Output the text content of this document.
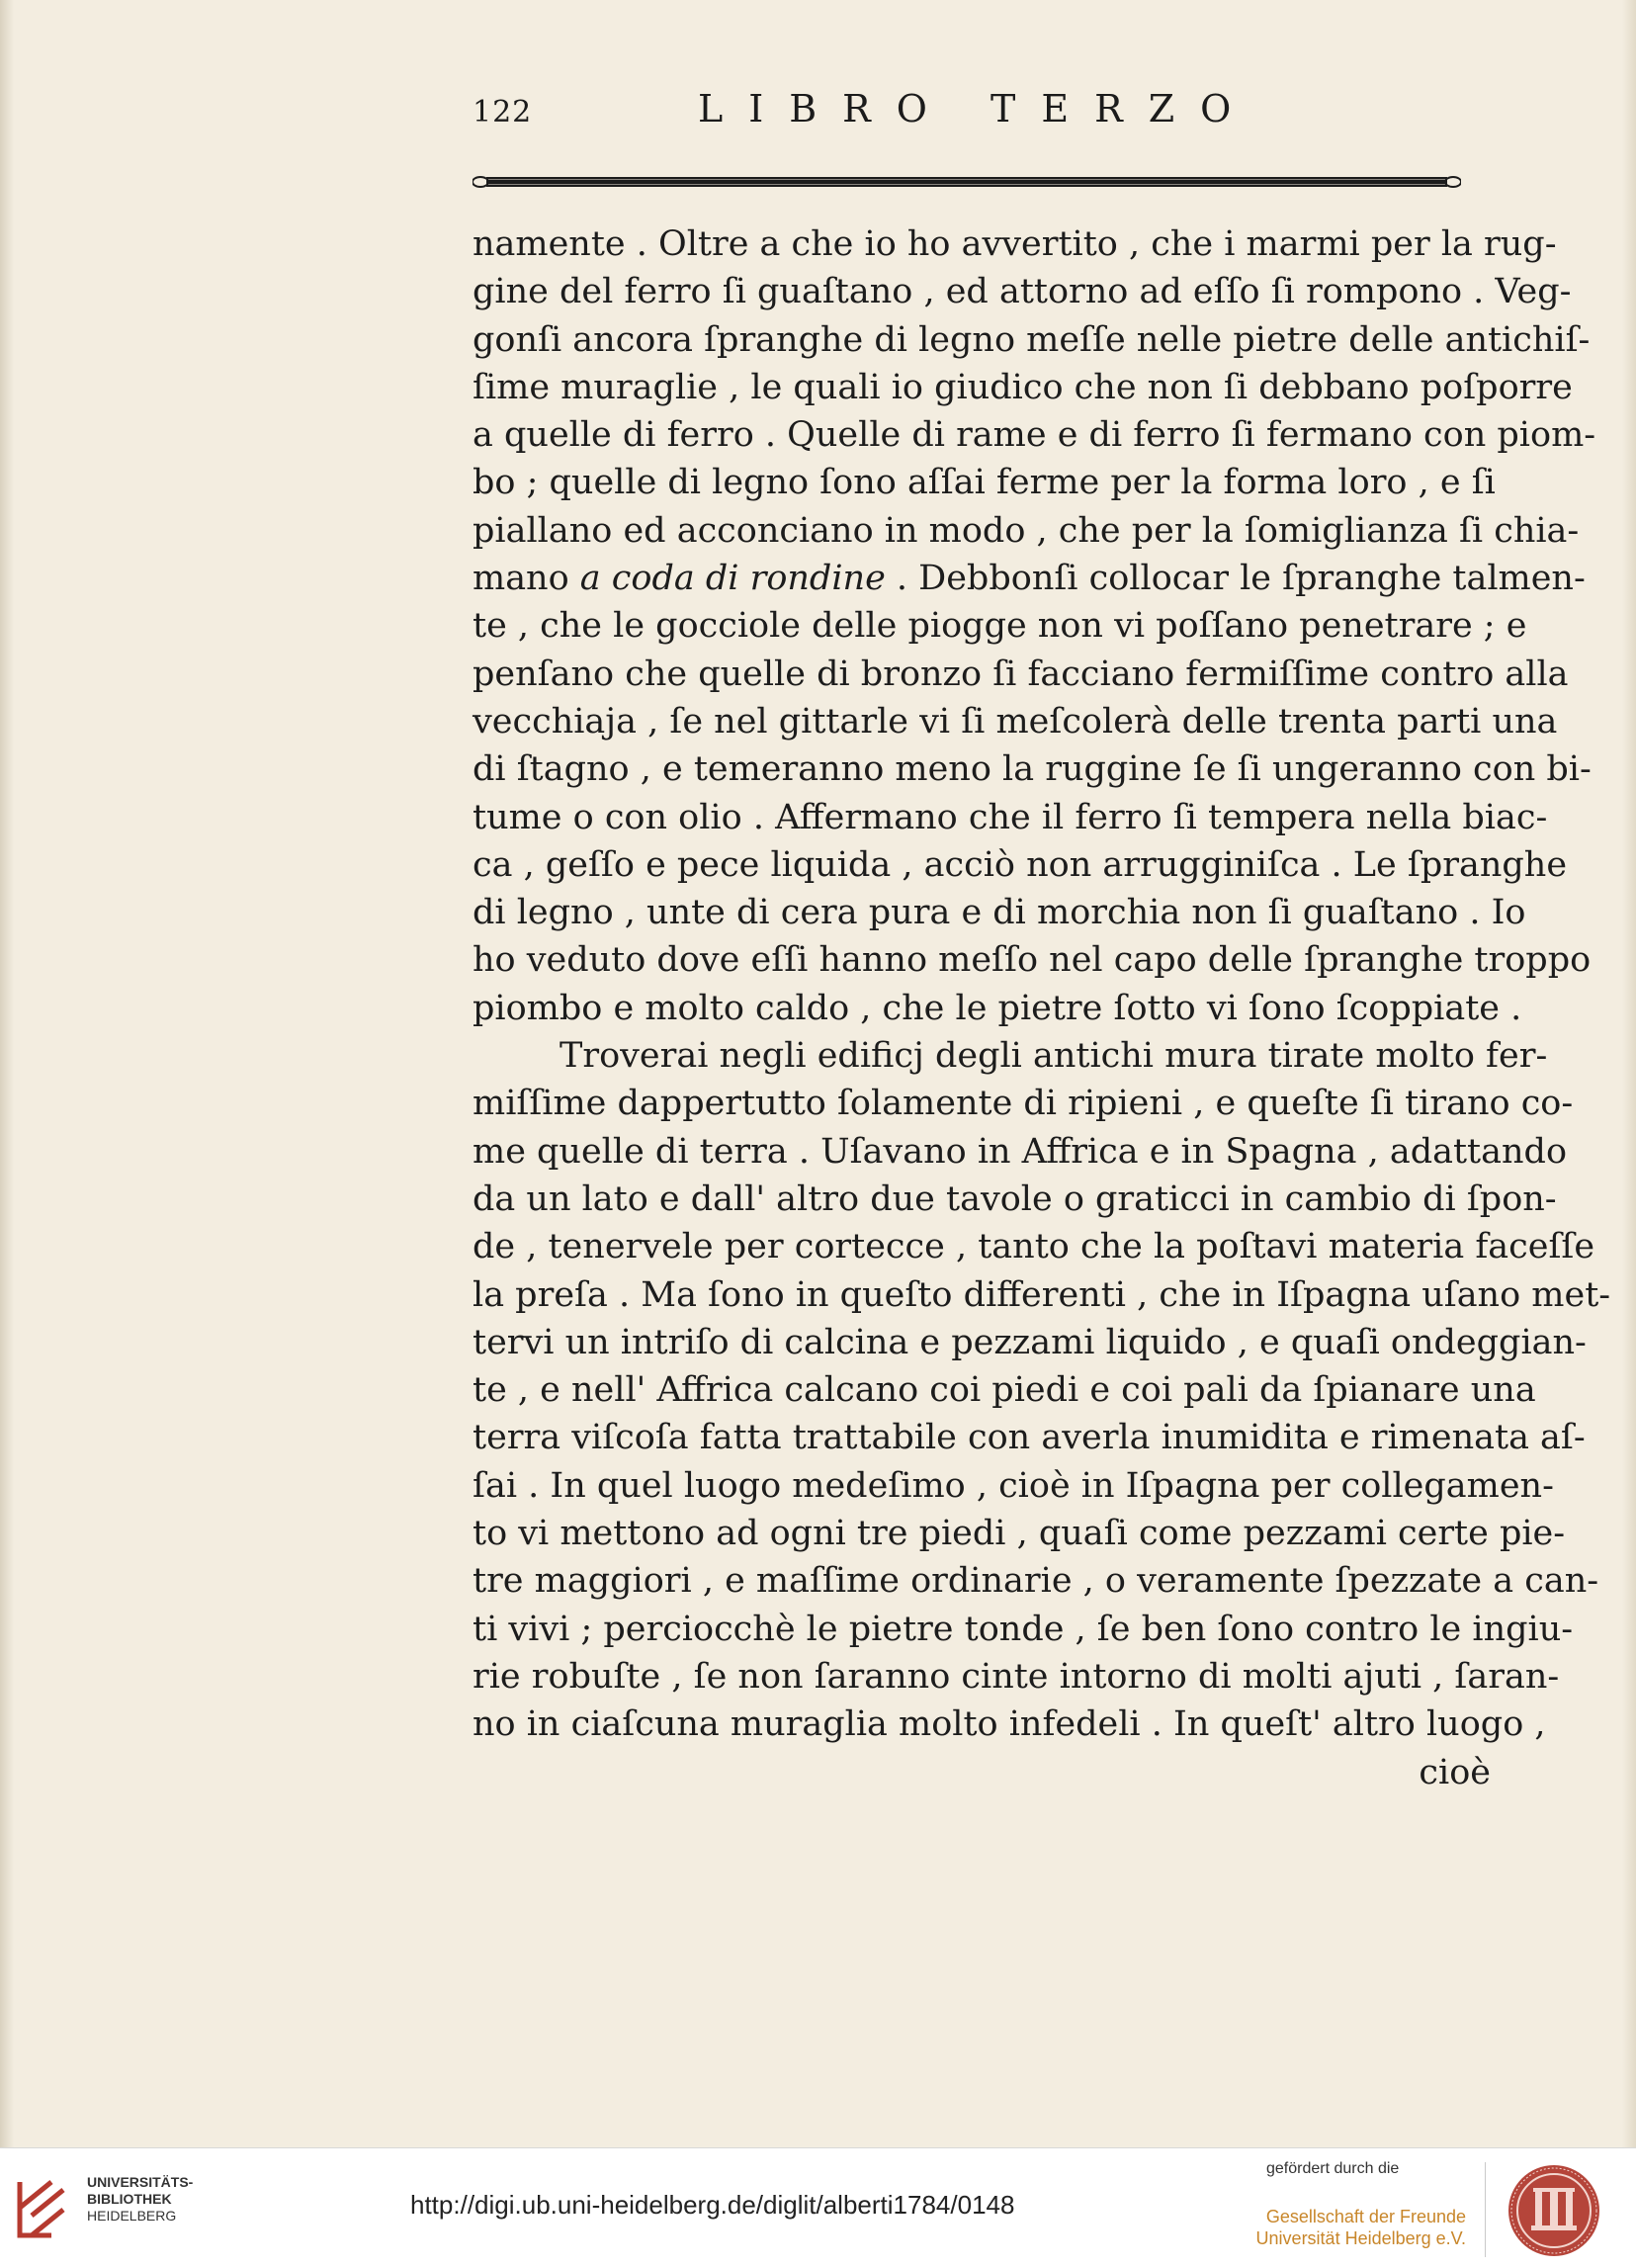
122	LIBRO TERZO
namente . Oltre a che io ho avvertito , che i marmi per la rug-
gine del ferro ſi guaſtano , ed attorno ad eſſo ſi rompono . Veg-
gonſi ancora ſpranghe di legno meſſe nelle pietre delle antichiſ-
ſime muraglie , le quali io giudico che non ſi debbano poſporre
a quelle di ferro . Quelle di rame e di ferro ſi fermano con piom-
bo ; quelle di legno ſono aſſai ferme per la forma loro , e ſi
piallano ed acconciano in modo , che per la ſomiglianza ſi chia-
mano a coda di rondine . Debbonſi collocar le ſpranghe talmen-
te , che le gocciole delle piogge non vi poſſano penetrare ; e
penſano che quelle di bronzo ſi facciano fermiſſime contro alla
vecchiaja , ſe nel gittarle vi ſi meſcolerà delle trenta parti una
di ſtagno , e temeranno meno la ruggine ſe ſi ungeranno con bi-
tume o con olio . Affermano che il ferro ſi tempera nella biac-
ca , geſſo e pece liquida , acciò non arrugginiſca . Le ſpranghe
di legno , unte di cera pura e di morchia non ſi guaſtano . Io
ho veduto dove eſſi hanno meſſo nel capo delle ſpranghe troppo
piombo e molto caldo , che le pietre ſotto vi ſono ſcoppiate .
Troverai negli edificj degli antichi mura tirate molto fer-
miſſime dappertutto ſolamente di ripieni , e queſte ſi tirano co-
me quelle di terra . Uſavano in Affrica e in Spagna , adattando
da un lato e dall' altro due tavole o graticci in cambio di ſpon-
de , tenervele per cortecce , tanto che la poſtavi materia faceſſe
la preſa . Ma ſono in queſto differenti , che in Iſpagna uſano met-
tervi un intriſo di calcina e pezzami liquido , e quaſi ondeggian-
te , e nell' Affrica calcano coi piedi e coi pali da ſpianare una
terra viſcoſa fatta trattabile con averla inumidita e rimenata aſ-
ſai . In quel luogo medeſimo , cioè in Iſpagna per collegamen-
to vi mettono ad ogni tre piedi , quaſi come pezzami certe pie-
tre maggiori , e maſſime ordinarie , o veramente ſpezzate a can-
ti vivi ; perciocchè le pietre tonde , ſe ben ſono contro le ingiu-
rie robuſte , ſe non ſaranno cinte intorno di molti ajuti , ſaran-
no in ciaſcuna muraglia molto infedeli . In queſt' altro luogo ,
cioè
UNIVERSITÄTS-
BIBLIOTHEK
HEIDELBERG	http://digi.ub.uni-heidelberg.de/diglit/alberti1784/0148
gefördert durch die
Gesellschaft der Freunde
Universität Heidelberg e.V.
